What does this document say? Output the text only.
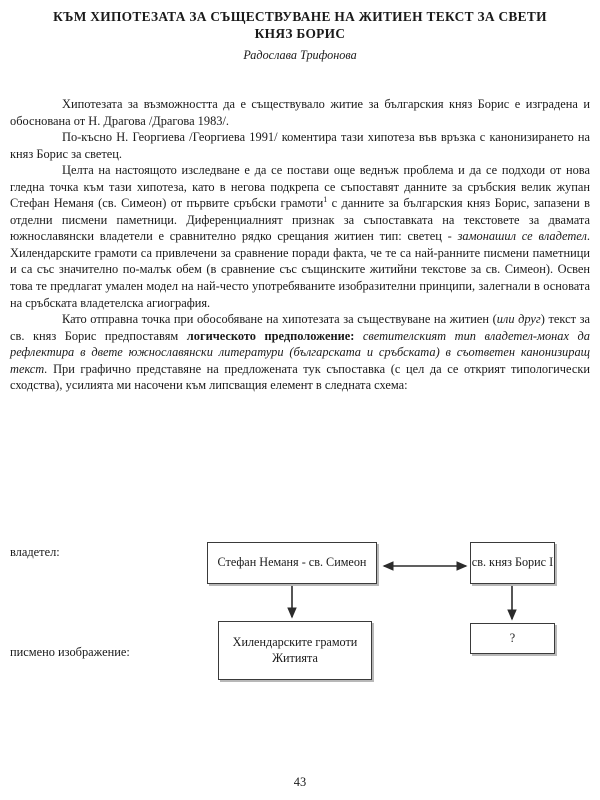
КЪМ ХИПОТЕЗАТА ЗА СЪЩЕСТВУВАНЕ НА ЖИТИЕН ТЕКСТ ЗА СВЕТИ КНЯЗ БОРИС
Радослава Трифонова

Хипотезата за възможността да е съществувало житие за българския княз Борис е изградена и обоснована от Н. Драгова /Драгова 1983/.

По-късно Н. Георгиева /Георгиева 1991/ коментира тази хипотеза във връзка с канонизирането на княз Борис за светец.

Целта на настоящото изследване е да се постави още веднъж проблема и да се подходи от нова гледна точка към тази хипотеза, като в негова подкрепа се съпоставят данните за сръбския велик жупан Стефан Неманя (св. Симеон) от първите сръбски грамоти$^1$ с данните за българския княз Борис, запазени в отделни писмени паметници. Диференциалният признак за съпоставката на текстовете за двамата южнославянски владетели е сравнително рядко срещания житиен тип: светец - замонашил се владетел. Хилендарските грамоти са привлечени за сравнение поради факта, че те са най-ранните писмени паметници и са със значително по-малък обем (в сравнение със същинските житийни текстове за св. Симеон). Освен това те предлагат умален модел на най-често употребяваните изобразителни принципи, залегнали в основата на сръбската владетелска агиография.

Като отправна точка при обособяване на хипотезата за съществуване на житиен (или друг) текст за св. княз Борис предпоставям логическото предположение: светителският тип владетел-монах да рефлектира в двете южнославянски литератури (българската и сръбската) в съответен канонизиращ текст. При графично представяне на предложената тук съпоставка (с цел да се открият типологически сходства), усилията ми насочени към липсващия елемент в следната схема:

владетел:
писмено изображение:
Стефан Неманя - св. Симеон	св. княз Борис I
Хилендарските грамоти Житията
?
43
